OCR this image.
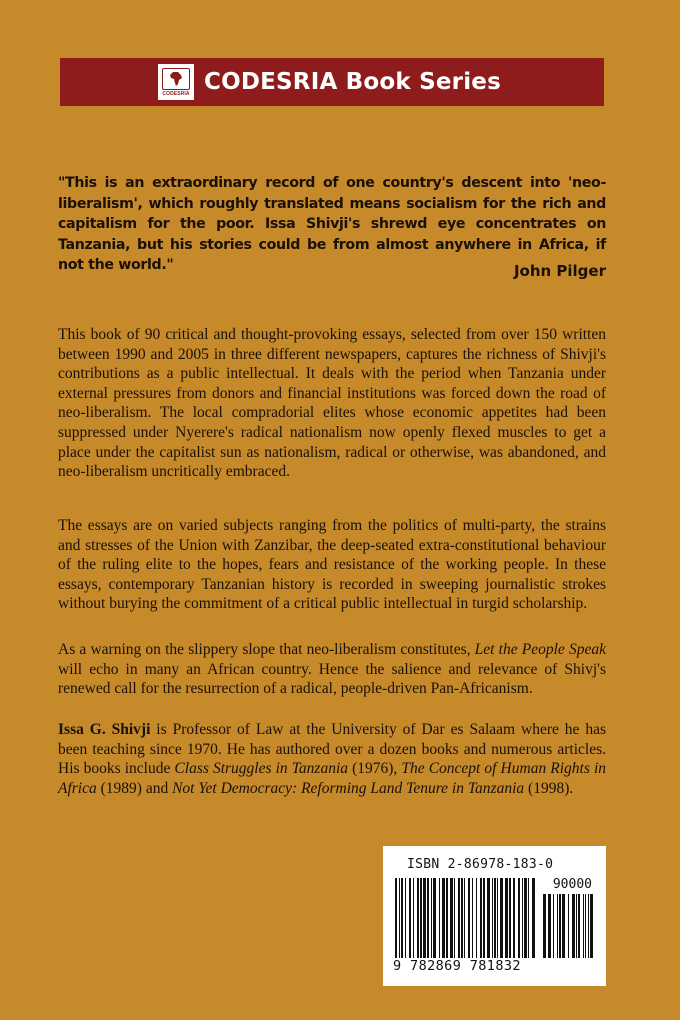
CODESRIA CODESRIA Book Series
"This is an extraordinary record of one country's descent into 'neo-liberalism', which roughly translated means socialism for the rich and capitalism for the poor. Issa Shivji's shrewd eye concentrates on Tanzania, but his stories could be from almost anywhere in Africa, if not the world."	John Pilger

This book of 90 critical and thought-provoking essays, selected from over 150 written between 1990 and 2005 in three different newspapers, captures the richness of Shivji's contributions as a public intellectual. It deals with the period when Tanzania under external pressures from donors and financial institutions was forced down the road of neo-liberalism. The local compradorial elites whose economic appetites had been suppressed under Nyerere's radical nationalism now openly flexed muscles to get a place under the capitalist sun as nationalism, radical or otherwise, was abandoned, and neo-liberalism uncritically embraced.

The essays are on varied subjects ranging from the politics of multi-party, the strains and stresses of the Union with Zanzibar, the deep-seated extra-constitutional behaviour of the ruling elite to the hopes, fears and resistance of the working people. In these essays, contemporary Tanzanian history is recorded in sweeping journalistic strokes without burying the commitment of a critical public intellectual in turgid scholarship.

As a warning on the slippery slope that neo-liberalism constitutes, Let the People Speak will echo in many an African country. Hence the salience and relevance of Shivj's renewed call for the resurrection of a radical, people-driven Pan-Africanism.

Issa G. Shivji is Professor of Law at the University of Dar es Salaam where he has been teaching since 1970. He has authored over a dozen books and numerous articles. His books include Class Struggles in Tanzania (1976), The Concept of Human Rights in Africa (1989) and Not Yet Democracy: Reforming Land Tenure in Tanzania (1998).

ISBN 2-86978-183-0
90000
9 782869 781832
